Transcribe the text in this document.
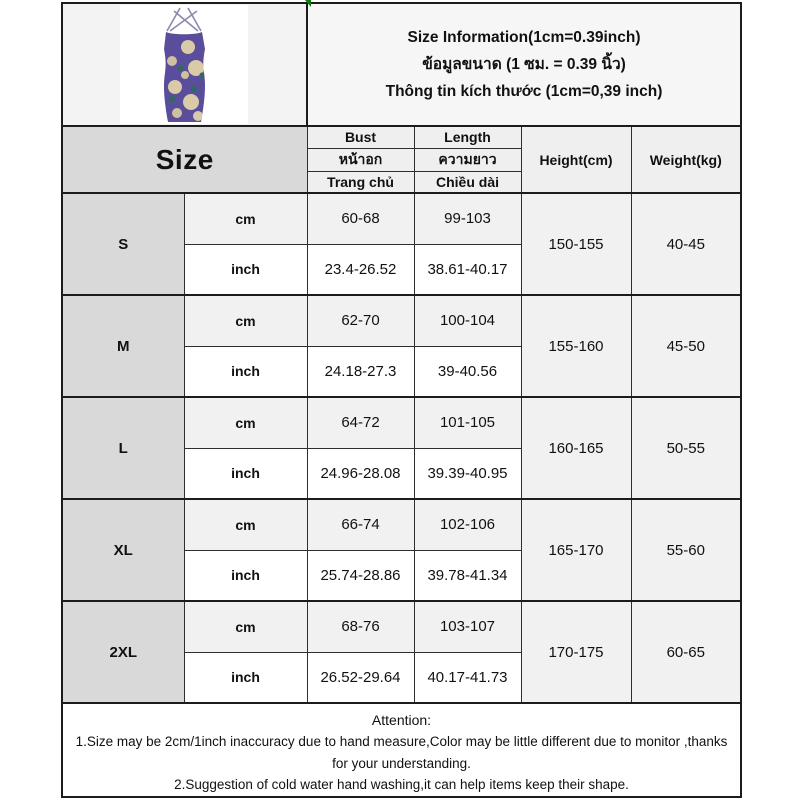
Size Information(1cm=0.39inch)
ข้อมูลขนาด (1 ซม. = 0.39 นิ้ว)
Thông tin kích thước (1cm=0,39 inch)			

Size		Bust	Length	Height(cm)	Weight(kg)
		หน้าอก	ความยาว		
		Trang chủ	Chiều dài		
S	cm	60-68	99-103	150-155	40-45
	inch	23.4-26.52	38.61-40.17		
M	cm	62-70	100-104	155-160	45-50
	inch	24.18-27.3	39-40.56		
L	cm	64-72	101-105	160-165	50-55
	inch	24.96-28.08	39.39-40.95		
XL	cm	66-74	102-106	165-170	55-60
	inch	25.74-28.86	39.78-41.34		
2XL	cm	68-76	103-107	170-175	60-65
	inch	26.52-29.64	40.17-41.73		

Attention:
1.Size may be 2cm/1inch inaccuracy due to hand measure,Color may be little different due to monitor ,thanks for your understanding.
2.Suggestion of cold water hand washing,it can help items keep their shape.					
